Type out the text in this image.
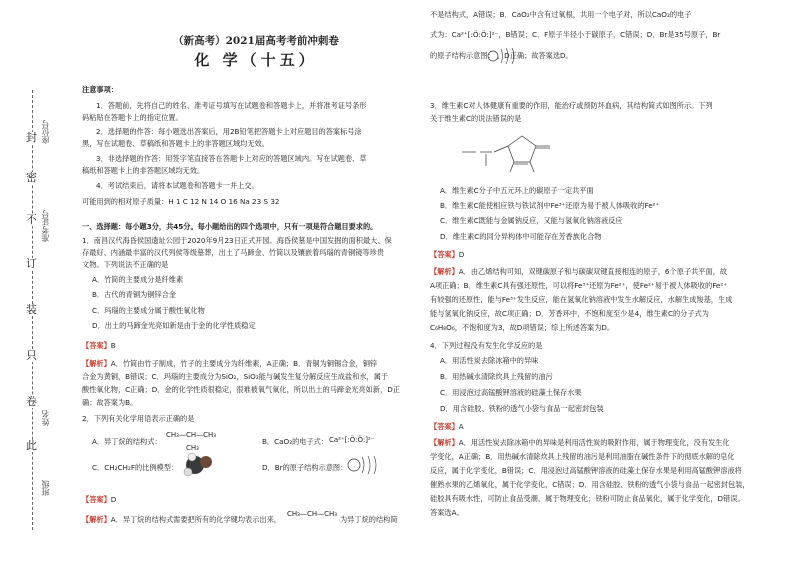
封
密
不
订
装
只
卷
此
座位号
准考证号
姓名
班级
（新高考）2021届高考考前冲刺卷
化 学（十五）
注意事项：
1．答题前，先将自己的姓名、准考证号填写在试题卷和答题卡上，并将准考证号条形
码粘贴在答题卡上的指定位置。
2．选择题的作答：每小题选出答案后，用2B铅笔把答题卡上对应题目的答案标号涂
黑，写在试题卷、草稿纸和答题卡上的非答题区域均无效。
3．非选择题的作答：用签字笔直接答在答题卡上对应的答题区域内。写在试题卷、草
稿纸和答题卡上的非答题区域均无效。
4．考试结束后，请将本试题卷和答题卡一并上交。
可能用到的相对原子质量：H 1 C 12 N 14 O 16 Na 23 S 32
一、选择题：每小题3分，共45分。每小题给出的四个选项中，只有一项是符合题目要求的。
1．南昌汉代海昏侯国遗址公园于2020年9月23日正式开园。海昏侯墓是中国发掘的面积最大、保
存最好、内涵最丰富的汉代列侯等级墓葬，出土了马蹄金、竹简以及镶嵌着玛瑙的青铜镜等珍贵
文物。下列说法不正确的是
A．竹简的主要成分是纤维素
B．古代的青铜为铜锌合金
C．玛瑙的主要成分属于酸性氧化物
D．出土的马蹄金光亮如新是由于金的化学性质稳定
【答案】B
【解析】A．竹简由竹子制成，竹子的主要成分为纤维素，A正确；B．青铜为铜锡合金，铜锌
合金为黄铜，B错误；C．玛瑙的主要成分为SiO₂，SiO₂能与碱发生复分解反应生成盐和水，属于
酸性氧化物，C正确；D．金的化学性质很稳定，很难被氧气氧化，所以出土的马蹄金光亮如新，D正
确；故答案为B。
2．下列有关化学用语表示正确的是
A．异丁烷的结构式：
CH₃—CH—CH₃
CH₃
B．CaO₂的电子式： Ca²⁺[:Ö:Ö:]²⁻
C．CH₂CH₂F的比例模型：	D．Br的原子结构示意图：
【答案】D
【解析】A．异丁烷的结构式需要把所有的化学键均表示出来，
CH₃—CH—CH₃
为异丁烷的结构简
不是结构式，A错误；B．CaO₂中含有过氧根，共用一个电子对，所以CaO₂的电子
式为：Ca²⁺[:Ö:Ö:]²⁻，B错误；C．F原子半径小于碳原子，C错误；D．Br是35号原子，Br
的原子结构示意图： ，D正确；故答案选D。
3．维生素C对人体健康有重要的作用，能治疗或预防坏血病，其结构简式如图所示。下列
关于维生素C的说法错误的是
A．维生素C分子中五元环上的碳原子一定共平面
B．维生素C能使相应铁与铁试剂中Fe³⁺还原为易于被人体吸收的Fe²⁺
C．维生素C既能与金属钠反应，又能与氢氧化钠溶液反应
D．维生素C的同分异构体中可能存在芳香族化合物
【答案】D
【解析】A．由乙烯结构可知，双键碳原子和与碳碳双键直接相连的原子，6个原子共平面，故
A项正确；B．维生素C具有强还原性，可以将Fe³⁺还原为Fe²⁺，使Fe²⁺易于被人体吸收的Fe²⁺
有较强的还原性，能与Fe³⁺发生反应，能在氢氧化钠溶液中发生水解反应，水解生成羧基，生成
能与氢氧化钠反应，故C项正确；D．芳香环中，不饱和度至少是4，维生素C的分子式为
C₆H₈O₆，不饱和度为3，故D项错误；综上所述答案为D。
4．下列过程没有发生化学反应的是
A．用活性炭去除冰箱中的异味
B．用热碱水清除炊具上残留的油污
C．用浸泡过高锰酸钾溶液的硅藻土保存水果
D．用含硅胶、铁粉的透气小袋与食品一起密封包装
【答案】A
【解析】A．用活性炭去除冰箱中的异味是利用活性炭的吸附作用，属于物理变化，没有发生化
学变化，A正确；B．用热碱水清除炊具上残留的油污是利用油脂在碱性条件下的彻底水解的皂化
反应，属于化学变化，B错误；C．用浸泡过高锰酸钾溶液的硅藻土保存水果是利用高锰酸钾溶液将
催熟水果的乙烯氧化，属于化学变化，C错误；D．用含硅胶、铁粉的透气小袋与食品一起密封包装，
硅胶具有吸水性，可防止食品受潮，属于物理变化；铁粉可防止食品氧化，属于化学变化，D错误。
答案选A。
